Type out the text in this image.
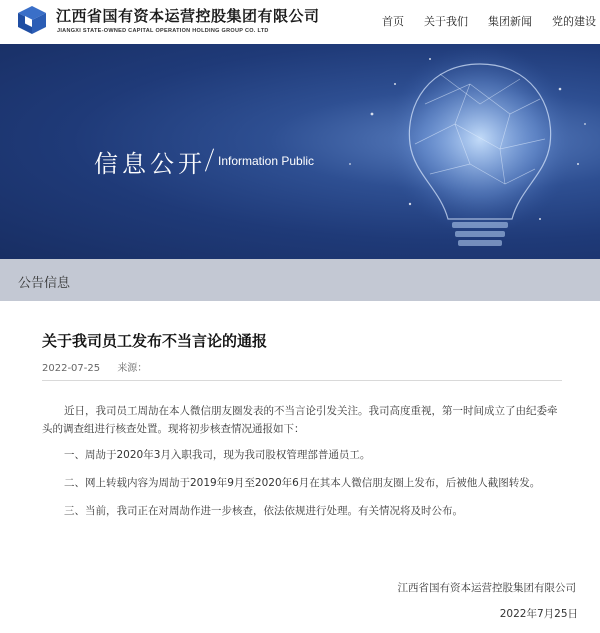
江西省国有资本运营控股集团有限公司
JIANGXI STATE-OWNED CAPITAL OPERATION HOLDING GROUP CO. LTD
首页	关于我们	集团新闻	党的建设
信息公开 Information Public
公告信息
关于我司员工发布不当言论的通报
2022-07-25 来源：

近日，我司员工周劼在本人微信朋友圈发表的不当言论引发关注。我司高度重视，第一时间成立了由纪委牵头的调查组进行核查处置。现将初步核查情况通报如下：

一、周劼于2020年3月入职我司，现为我司股权管理部普通员工。

二、网上转载内容为周劼于2019年9月至2020年6月在其本人微信朋友圈上发布，后被他人截图转发。

三、当前，我司正在对周劼作进一步核查，依法依规进行处理。有关情况将及时公布。

江西省国有资本运营控股集团有限公司
2022年7月25日
